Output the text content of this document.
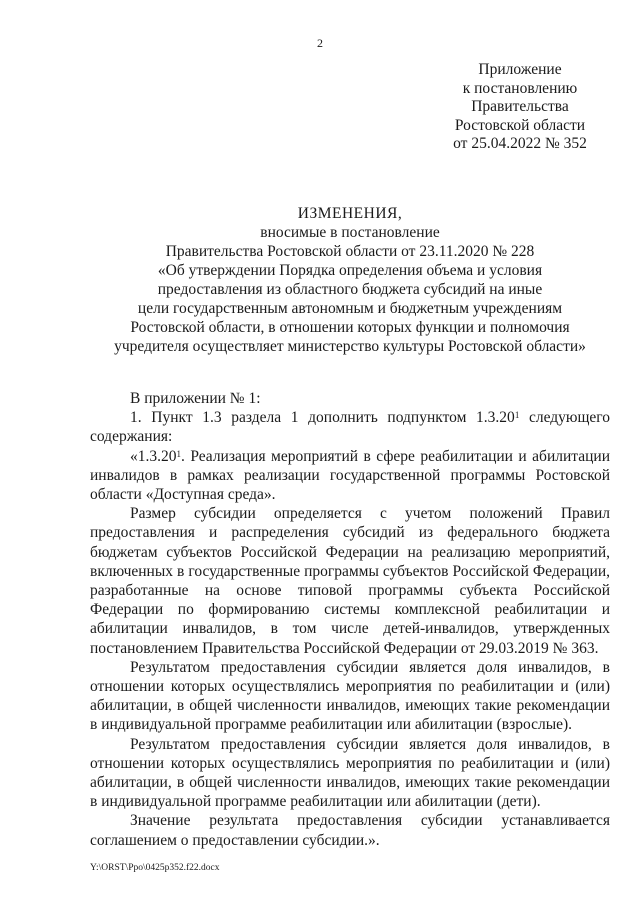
2
Приложение
к постановлению
Правительства
Ростовской области
от 25.04.2022 № 352
ИЗМЕНЕНИЯ,
вносимые в постановление
Правительства Ростовской области от 23.11.2020 № 228
«Об утверждении Порядка определения объема и условия
предоставления из областного бюджета субсидий на иные
цели государственным автономным и бюджетным учреждениям
Ростовской области, в отношении которых функции и полномочия
учредителя осуществляет министерство культуры Ростовской области»

В приложении № 1:

1. Пункт 1.3 раздела 1 дополнить подпунктом 1.3.20$^1$ следующего содержания:

«1.3.20$^1$. Реализация мероприятий в сфере реабилитации и абилитации инвалидов в рамках реализации государственной программы Ростовской области «Доступная среда».

Размер субсидии определяется с учетом положений Правил предоставления и распределения субсидий из федерального бюджета бюджетам субъектов Российской Федерации на реализацию мероприятий, включенных в государственные программы субъектов Российской Федерации, разработанные на основе типовой программы субъекта Российской Федерации по формированию системы комплексной реабилитации и абилитации инвалидов, в том числе детей-инвалидов, утвержденных постановлением Правительства Российской Федерации от 29.03.2019 № 363.

Результатом предоставления субсидии является доля инвалидов, в отношении которых осуществлялись мероприятия по реабилитации и (или) абилитации, в общей численности инвалидов, имеющих такие рекомендации в индивидуальной программе реабилитации или абилитации (взрослые).

Результатом предоставления субсидии является доля инвалидов, в отношении которых осуществлялись мероприятия по реабилитации и (или) абилитации, в общей численности инвалидов, имеющих такие рекомендации в индивидуальной программе реабилитации или абилитации (дети).

Значение результата предоставления субсидии устанавливается соглашением о предоставлении субсидии.».

Y:\ORST\Ppo\0425p352.f22.docx
